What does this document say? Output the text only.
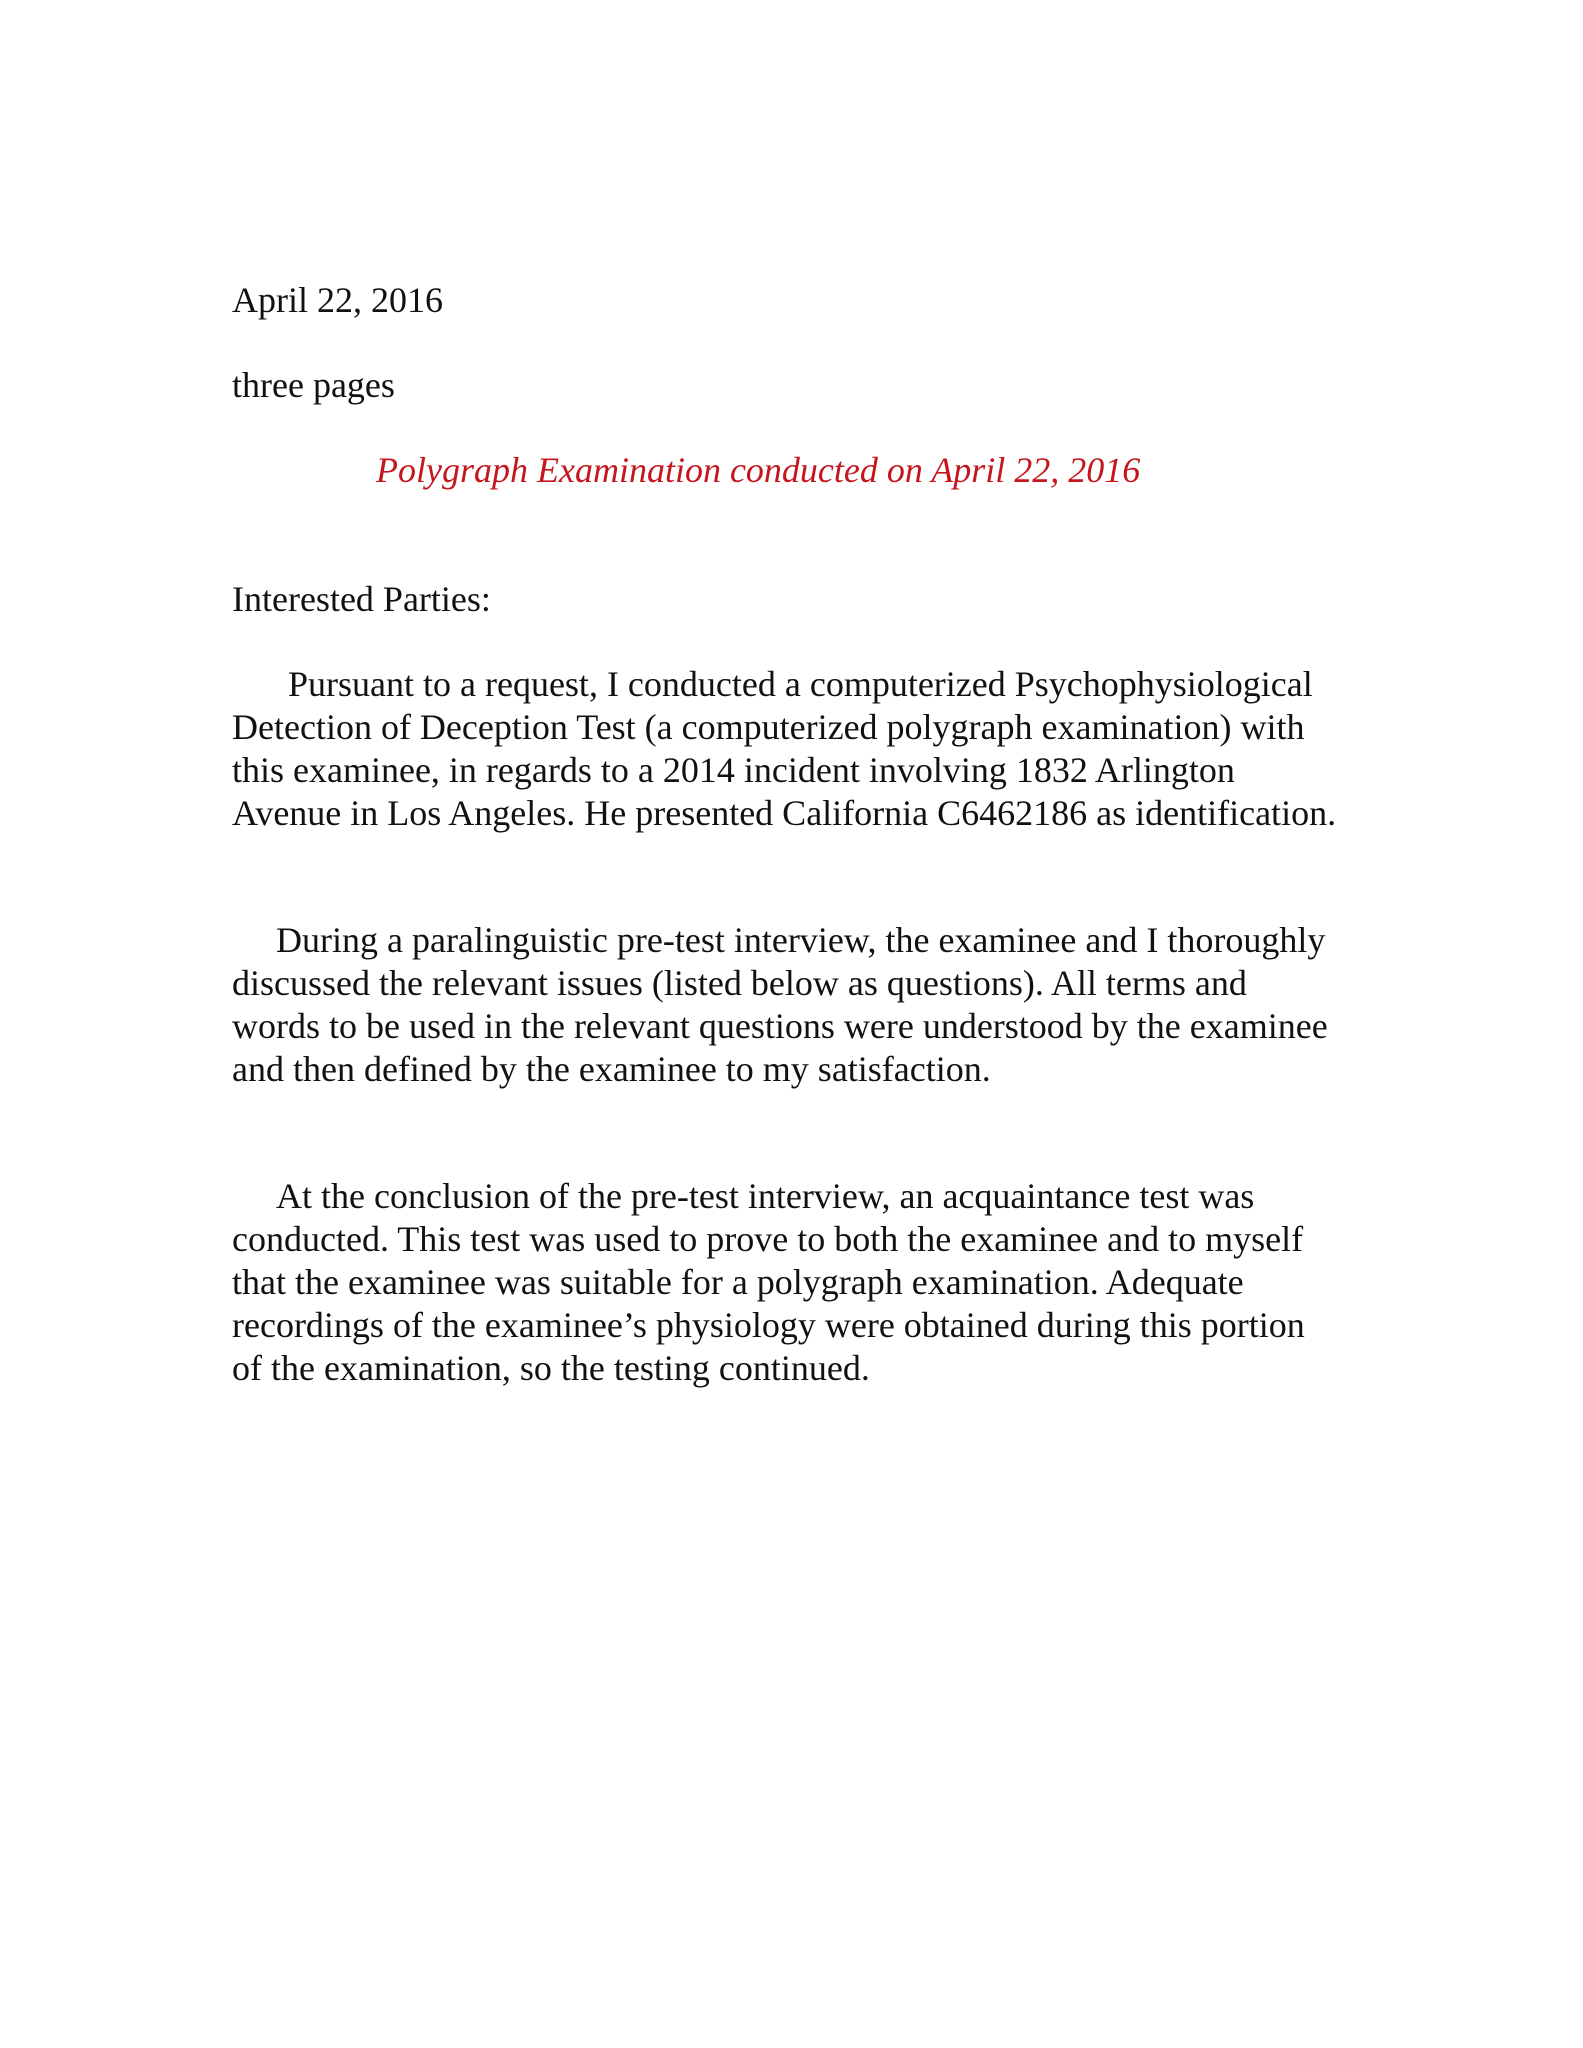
April 22, 2016
three pages
Polygraph Examination conducted on April 22, 2016
Interested Parties:
Pursuant to a request, I conducted a computerized Psychophysiological
Detection of Deception Test (a computerized polygraph examination) with
this examinee, in regards to a 2014 incident involving 1832 Arlington
Avenue in Los Angeles. He presented California C6462186 as identification.
During a paralinguistic pre-test interview, the examinee and I thoroughly
discussed the relevant issues (listed below as questions). All terms and
words to be used in the relevant questions were understood by the examinee
and then defined by the examinee to my satisfaction.
At the conclusion of the pre-test interview, an acquaintance test was
conducted. This test was used to prove to both the examinee and to myself
that the examinee was suitable for a polygraph examination. Adequate
recordings of the examinee’s physiology were obtained during this portion
of the examination, so the testing continued.
